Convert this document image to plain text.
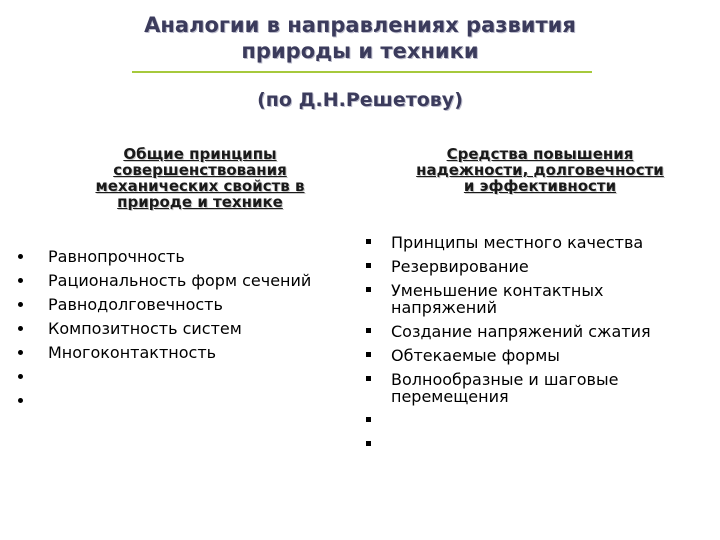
Аналогии в направлениях развития
природы и техники
(по Д.Н.Решетову)
Общие принципы
совершенствования
механических свойств в
природе и технике
Средства повышения
надежности, долговечности
и эффективности
Равнопрочность
Рациональность форм сечений
Равнодолговечность
Композитность систем
Многоконтактность
Принципы местного качества
Резервирование
Уменьшение контактных напряжений
Создание напряжений сжатия
Обтекаемые формы
Волнообразные и шаговые перемещения
